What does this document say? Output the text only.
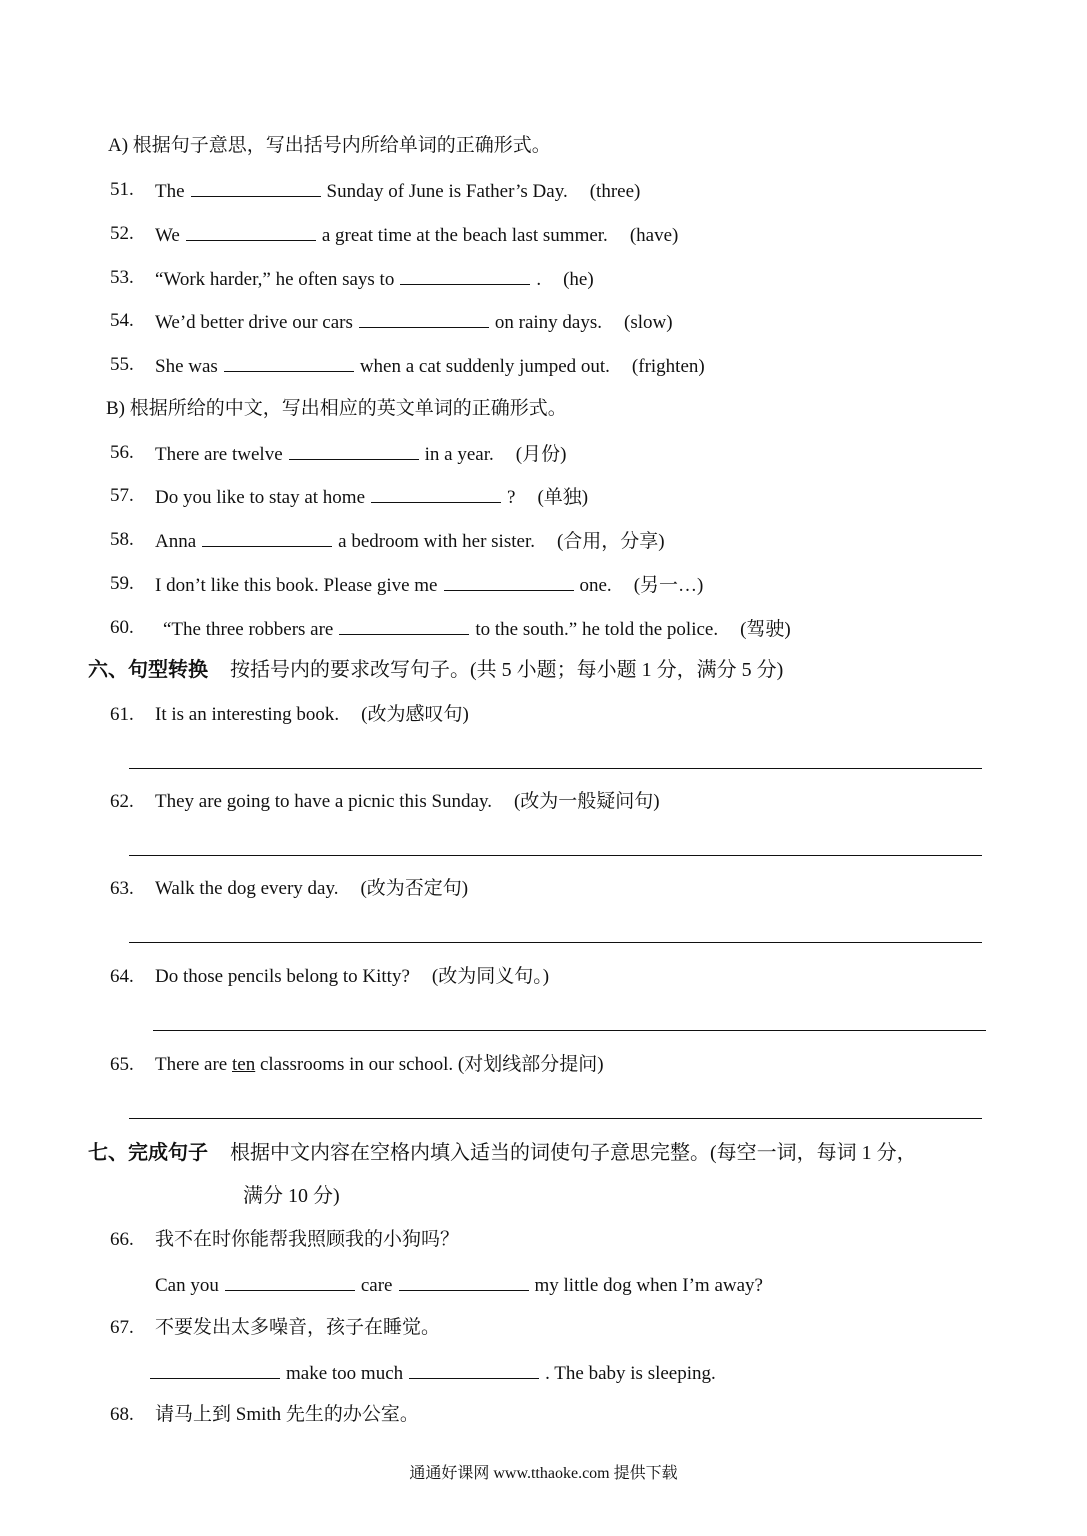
A) 根据句子意思，写出括号内所给单词的正确形式。
51. The	Sunday of June is Father’s Day. (three)
52. We	a great time at the beach last summer. (have)
53. “Work harder,” he often says to	. (he)
54. We’d better drive our cars	on rainy days. (slow)
55. She was	when a cat suddenly jumped out. (frighten)
B) 根据所给的中文，写出相应的英文单词的正确形式。
56. There are twelve	in a year. (月份)
57. Do you like to stay at home	? (单独)
58. Anna	a bedroom with her sister. (合用，分享)
59. I don’t like this book. Please give me	one. (另一…)
60. “The three robbers are	to the south.” he told the police. (驾驶)
六、句型转换 按括号内的要求改写句子。(共 5 小题；每小题 1 分，满分 5 分)
61. It is an interesting book. (改为感叹句)
62. They are going to have a picnic this Sunday. (改为一般疑问句)
63. Walk the dog every day. (改为否定句)
64. Do those pencils belong to Kitty? (改为同义句。)
65. There are ten classrooms in our school. (对划线部分提问)
七、完成句子 根据中文内容在空格内填入适当的词使句子意思完整。(每空一词，每词 1 分，
满分 10 分)
66. 我不在时你能帮我照顾我的小狗吗？
Can you	care	my little dog when I’m away?
67. 不要发出太多噪音，孩子在睡觉。
make too much	. The baby is sleeping.
68. 请马上到 Smith 先生的办公室。
通通好课网 www.tthaoke.com 提供下载
